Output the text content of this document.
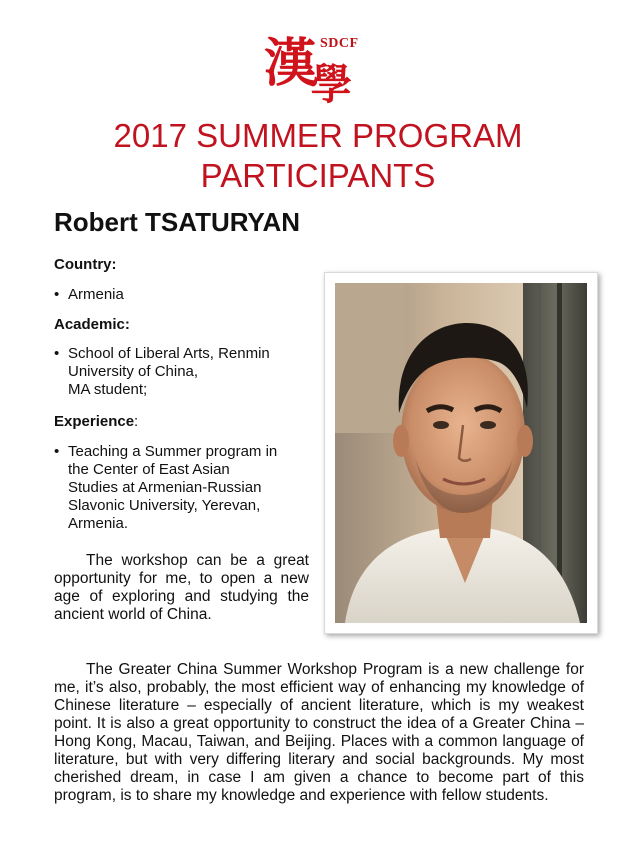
漢
學
SDCF
2017 SUMMER PROGRAM
PARTICIPANTS
Robert TSATURYAN
Country:
• Armenia
Academic:
• School of Liberal Arts, Renmin
University of China,
MA student;
Experience:
• Teaching a Summer program in
the Center of East Asian
Studies at Armenian-Russian
Slavonic University, Yerevan,
Armenia.
The workshop can be a great opportunity for me, to open a new age of exploring and studying the ancient world of China.
The Greater China Summer Workshop Program is a new challenge for me, it’s also, probably, the most efficient way of enhancing my knowledge of Chinese literature – especially of ancient literature, which is my weakest point. It is also a great opportunity to construct the idea of a Greater China – Hong Kong, Macau, Taiwan, and Beijing. Places with a common language of literature, but with very differing literary and social backgrounds. My most cherished dream, in case I am given a chance to become part of this program, is to share my knowledge and experience with fellow students.
